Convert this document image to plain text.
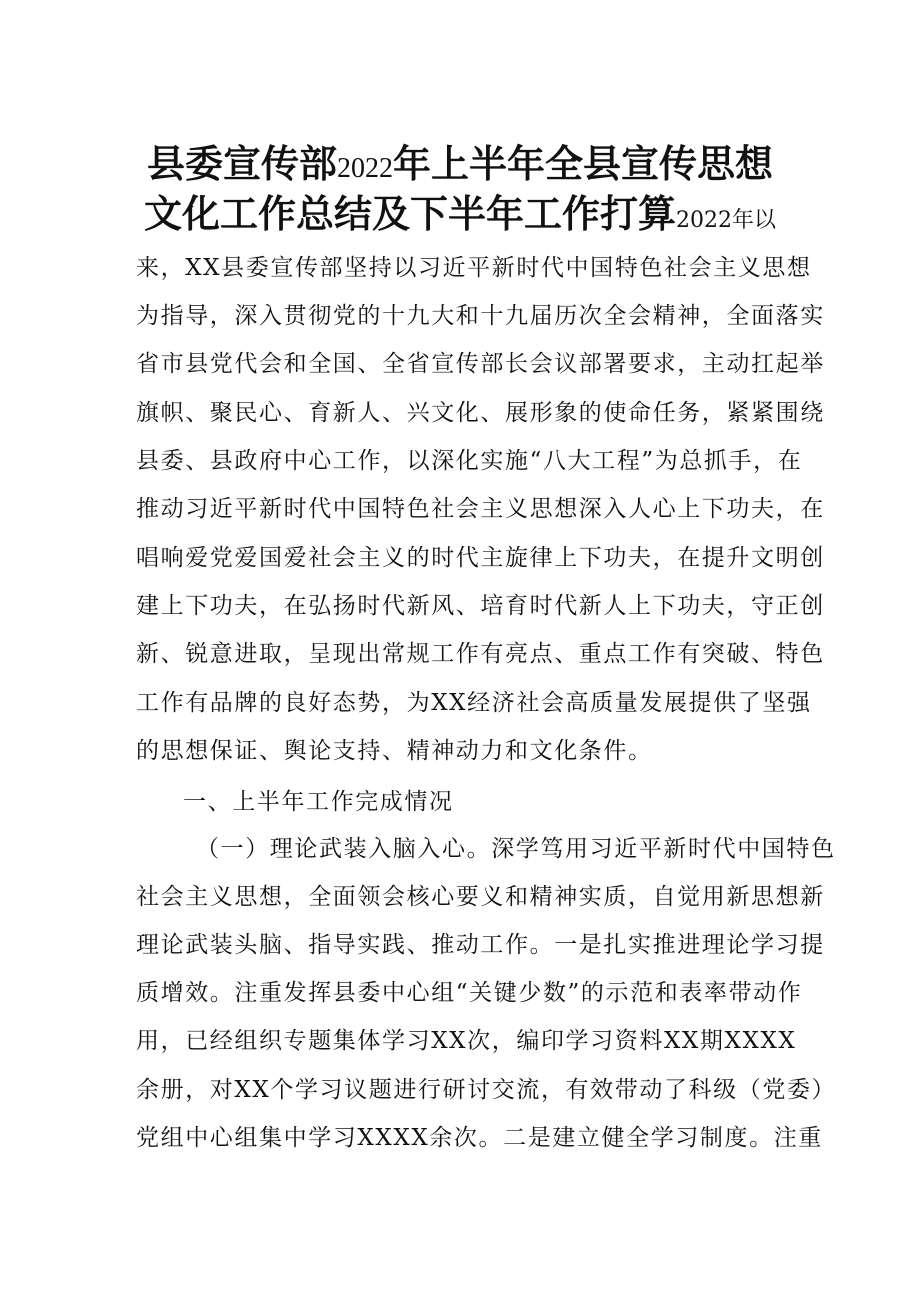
县委宣传部2022年上半年全县宣传思想
文化工作总结及下半年工作打算2022年以
来，XX县委宣传部坚持以习近平新时代中国特色社会主义思想
为指导，深入贯彻党的十九大和十九届历次全会精神，全面落实
省市县党代会和全国、全省宣传部长会议部署要求，主动扛起举
旗帜、聚民心、育新人、兴文化、展形象的使命任务，紧紧围绕
县委、县政府中心工作，以深化实施“八大工程”为总抓手，在
推动习近平新时代中国特色社会主义思想深入人心上下功夫，在
唱响爱党爱国爱社会主义的时代主旋律上下功夫，在提升文明创
建上下功夫，在弘扬时代新风、培育时代新人上下功夫，守正创
新、锐意进取，呈现出常规工作有亮点、重点工作有突破、特色
工作有品牌的良好态势，为XX经济社会高质量发展提供了坚强
的思想保证、舆论支持、精神动力和文化条件。
一、上半年工作完成情况
（一）理论武装入脑入心。深学笃用习近平新时代中国特色
社会主义思想，全面领会核心要义和精神实质，自觉用新思想新
理论武装头脑、指导实践、推动工作。一是扎实推进理论学习提
质增效。注重发挥县委中心组“关键少数”的示范和表率带动作
用，已经组织专题集体学习XX次，编印学习资料XX期XXXX
余册，对XX个学习议题进行研讨交流，有效带动了科级（党委）
党组中心组集中学习XXXX余次。二是建立健全学习制度。注重
